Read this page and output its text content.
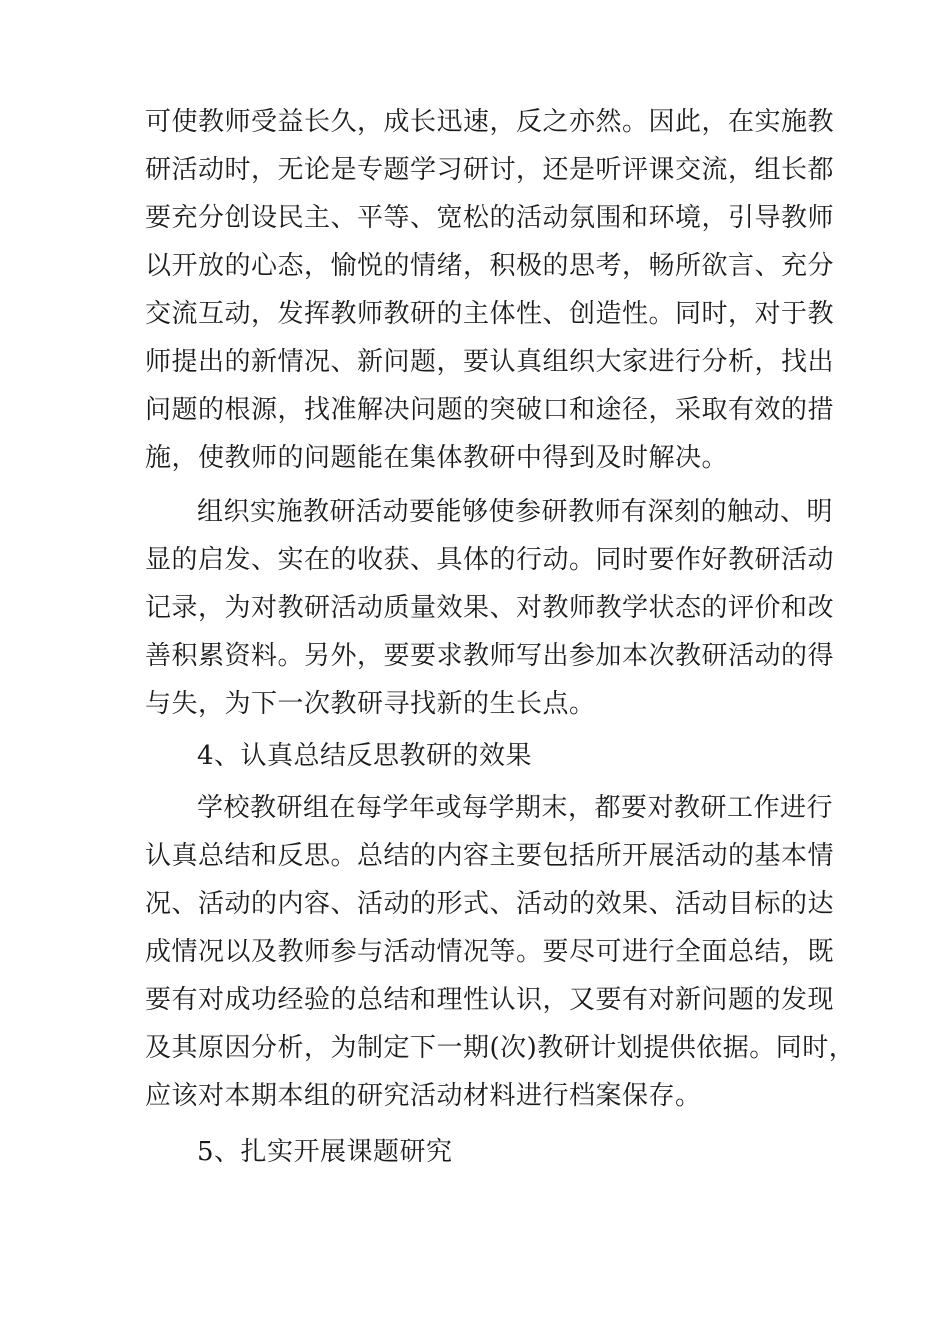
可使教师受益长久，成长迅速，反之亦然。因此，在实施教
研活动时，无论是专题学习研讨，还是听评课交流，组长都
要充分创设民主、平等、宽松的活动氛围和环境，引导教师
以开放的心态，愉悦的情绪，积极的思考，畅所欲言、充分
交流互动，发挥教师教研的主体性、创造性。同时，对于教
师提出的新情况、新问题，要认真组织大家进行分析，找出
问题的根源，找准解决问题的突破口和途径，采取有效的措
施，使教师的问题能在集体教研中得到及时解决。
组织实施教研活动要能够使参研教师有深刻的触动、明
显的启发、实在的收获、具体的行动。同时要作好教研活动
记录，为对教研活动质量效果、对教师教学状态的评价和改
善积累资料。另外，要要求教师写出参加本次教研活动的得
与失，为下一次教研寻找新的生长点。
4、认真总结反思教研的效果
学校教研组在每学年或每学期末，都要对教研工作进行
认真总结和反思。总结的内容主要包括所开展活动的基本情
况、活动的内容、活动的形式、活动的效果、活动目标的达
成情况以及教师参与活动情况等。要尽可进行全面总结，既
要有对成功经验的总结和理性认识，又要有对新问题的发现
及其原因分析，为制定下一期(次)教研计划提供依据。同时，
应该对本期本组的研究活动材料进行档案保存。
5、扎实开展课题研究
